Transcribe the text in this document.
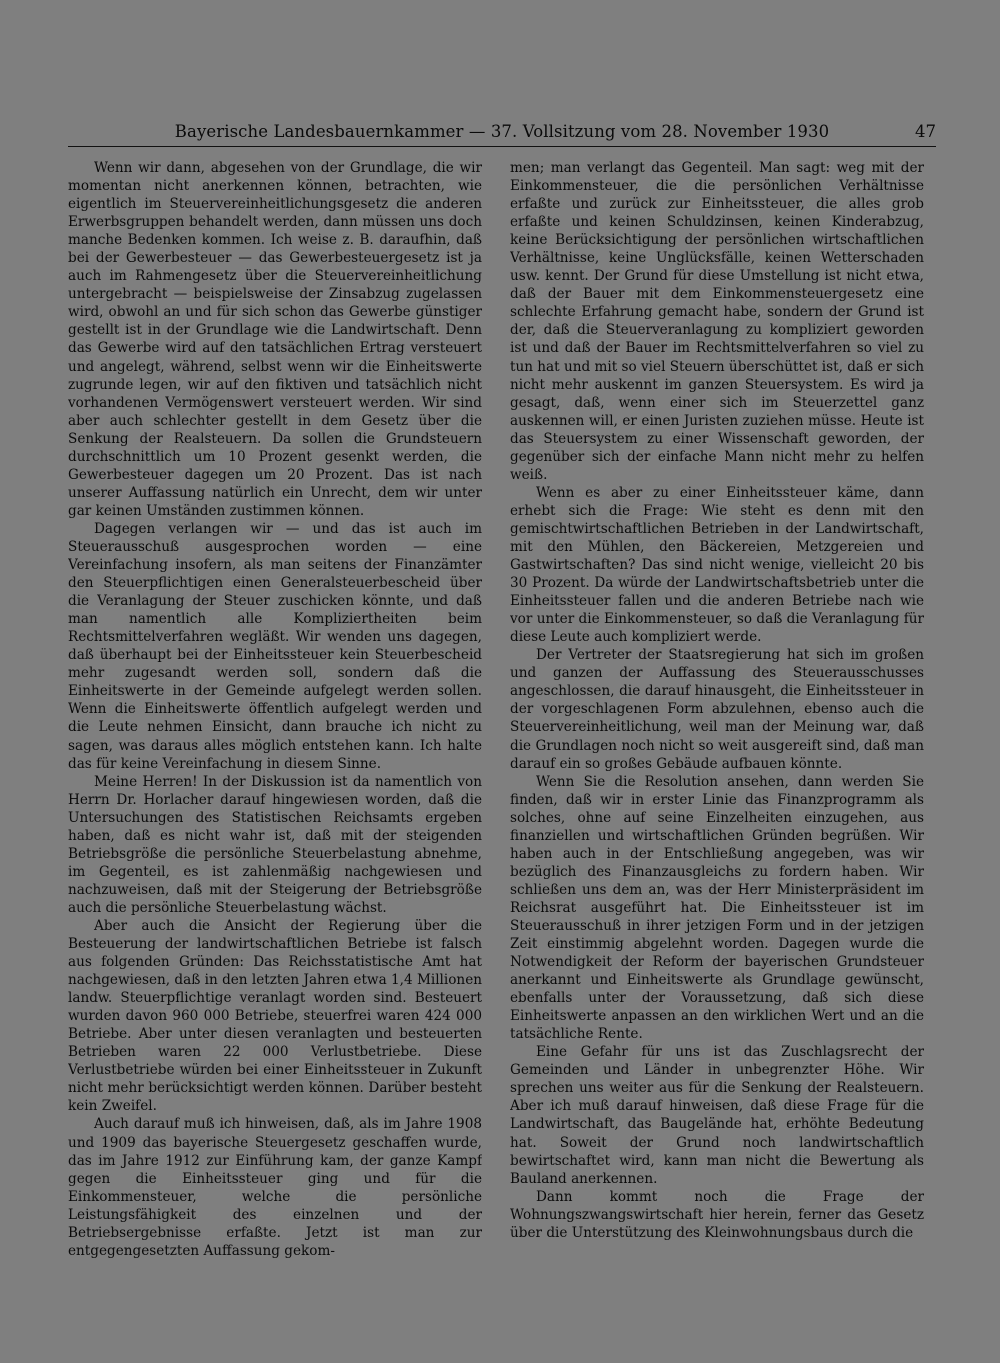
Bayerische Landesbauernkammer — 37. Vollsitzung vom 28. November 1930	47

Wenn wir dann, abgesehen von der Grundlage, die wir momentan nicht anerkennen können, betrachten, wie eigentlich im Steuervereinheitlichungsgesetz die anderen Erwerbsgruppen behandelt werden, dann müssen uns doch manche Bedenken kommen. Ich weise z. B. daraufhin, daß bei der Gewerbesteuer — das Gewerbesteuergesetz ist ja auch im Rahmengesetz über die Steuervereinheitlichung untergebracht — beispielsweise der Zinsabzug zugelassen wird, obwohl an und für sich schon das Gewerbe günstiger gestellt ist in der Grundlage wie die Landwirtschaft. Denn das Gewerbe wird auf den tatsächlichen Ertrag versteuert und angelegt, während, selbst wenn wir die Einheitswerte zugrunde legen, wir auf den fiktiven und tatsächlich nicht vorhandenen Vermögenswert versteuert werden. Wir sind aber auch schlechter gestellt in dem Gesetz über die Senkung der Realsteuern. Da sollen die Grundsteuern durchschnittlich um 10 Prozent gesenkt werden, die Gewerbesteuer dagegen um 20 Prozent. Das ist nach unserer Auffassung natürlich ein Unrecht, dem wir unter gar keinen Umständen zustimmen können.

Dagegen verlangen wir — und das ist auch im Steuerausschuß ausgesprochen worden — eine Vereinfachung insofern, als man seitens der Finanzämter den Steuerpflichtigen einen Generalsteuerbescheid über die Veranlagung der Steuer zuschicken könnte, und daß man namentlich alle Kompliziertheiten beim Rechtsmittelverfahren wegläßt. Wir wenden uns dagegen, daß überhaupt bei der Einheitssteuer kein Steuerbescheid mehr zugesandt werden soll, sondern daß die Einheitswerte in der Gemeinde aufgelegt werden sollen. Wenn die Einheitswerte öffentlich aufgelegt werden und die Leute nehmen Einsicht, dann brauche ich nicht zu sagen, was daraus alles möglich entstehen kann. Ich halte das für keine Vereinfachung in diesem Sinne.

Meine Herren! In der Diskussion ist da namentlich von Herrn Dr. Horlacher darauf hingewiesen worden, daß die Untersuchungen des Statistischen Reichsamts ergeben haben, daß es nicht wahr ist, daß mit der steigenden Betriebsgröße die persönliche Steuerbelastung abnehme, im Gegenteil, es ist zahlenmäßig nachgewiesen und nachzuweisen, daß mit der Steigerung der Betriebsgröße auch die persönliche Steuerbelastung wächst.

Aber auch die Ansicht der Regierung über die Besteuerung der landwirtschaftlichen Betriebe ist falsch aus folgenden Gründen: Das Reichsstatistische Amt hat nachgewiesen, daß in den letzten Jahren etwa 1,4 Millionen landw. Steuerpflichtige veranlagt worden sind. Besteuert wurden davon 960 000 Betriebe, steuerfrei waren 424 000 Betriebe. Aber unter diesen veranlagten und besteuerten Betrieben waren 22 000 Verlustbetriebe. Diese Verlustbetriebe würden bei einer Einheitssteuer in Zukunft nicht mehr berücksichtigt werden können. Darüber besteht kein Zweifel.

Auch darauf muß ich hinweisen, daß, als im Jahre 1908 und 1909 das bayerische Steuergesetz geschaffen wurde, das im Jahre 1912 zur Einführung kam, der ganze Kampf gegen die Einheitssteuer ging und für die Einkommensteuer, welche die persönliche Leistungsfähigkeit des einzelnen und der Betriebsergebnisse erfaßte. Jetzt ist man zur entgegengesetzten Auffassung gekom-

men; man verlangt das Gegenteil. Man sagt: weg mit der Einkommensteuer, die die persönlichen Verhältnisse erfaßte und zurück zur Einheitssteuer, die alles grob erfaßte und keinen Schuldzinsen, keinen Kinderabzug, keine Berücksichtigung der persönlichen wirtschaftlichen Verhältnisse, keine Unglücksfälle, keinen Wetterschaden usw. kennt. Der Grund für diese Umstellung ist nicht etwa, daß der Bauer mit dem Einkommensteuergesetz eine schlechte Erfahrung gemacht habe, sondern der Grund ist der, daß die Steuerveranlagung zu kompliziert geworden ist und daß der Bauer im Rechtsmittelverfahren so viel zu tun hat und mit so viel Steuern überschüttet ist, daß er sich nicht mehr auskennt im ganzen Steuersystem. Es wird ja gesagt, daß, wenn einer sich im Steuerzettel ganz auskennen will, er einen Juristen zuziehen müsse. Heute ist das Steuersystem zu einer Wissenschaft geworden, der gegenüber sich der einfache Mann nicht mehr zu helfen weiß.

Wenn es aber zu einer Einheitssteuer käme, dann erhebt sich die Frage: Wie steht es denn mit den gemischtwirtschaftlichen Betrieben in der Landwirtschaft, mit den Mühlen, den Bäckereien, Metzgereien und Gastwirtschaften? Das sind nicht wenige, vielleicht 20 bis 30 Prozent. Da würde der Landwirtschaftsbetrieb unter die Einheitssteuer fallen und die anderen Betriebe nach wie vor unter die Einkommensteuer, so daß die Veranlagung für diese Leute auch kompliziert werde.

Der Vertreter der Staatsregierung hat sich im großen und ganzen der Auffassung des Steuerausschusses angeschlossen, die darauf hinausgeht, die Einheitssteuer in der vorgeschlagenen Form abzulehnen, ebenso auch die Steuervereinheitlichung, weil man der Meinung war, daß die Grundlagen noch nicht so weit ausgereift sind, daß man darauf ein so großes Gebäude aufbauen könnte.

Wenn Sie die Resolution ansehen, dann werden Sie finden, daß wir in erster Linie das Finanzprogramm als solches, ohne auf seine Einzelheiten einzugehen, aus finanziellen und wirtschaftlichen Gründen begrüßen. Wir haben auch in der Entschließung angegeben, was wir bezüglich des Finanzausgleichs zu fordern haben. Wir schließen uns dem an, was der Herr Ministerpräsident im Reichsrat ausgeführt hat. Die Einheitssteuer ist im Steuerausschuß in ihrer jetzigen Form und in der jetzigen Zeit einstimmig abgelehnt worden. Dagegen wurde die Notwendigkeit der Reform der bayerischen Grundsteuer anerkannt und Einheitswerte als Grundlage gewünscht, ebenfalls unter der Voraussetzung, daß sich diese Einheitswerte anpassen an den wirklichen Wert und an die tatsächliche Rente.

Eine Gefahr für uns ist das Zuschlagsrecht der Gemeinden und Länder in unbegrenzter Höhe. Wir sprechen uns weiter aus für die Senkung der Realsteuern. Aber ich muß darauf hinweisen, daß diese Frage für die Landwirtschaft, das Baugelände hat, erhöhte Bedeutung hat. Soweit der Grund noch landwirtschaftlich bewirtschaftet wird, kann man nicht die Bewertung als Bauland anerkennen.

Dann kommt noch die Frage der Wohnungszwangswirtschaft hier herein, ferner das Gesetz über die Unterstützung des Kleinwohnungsbaus durch die
